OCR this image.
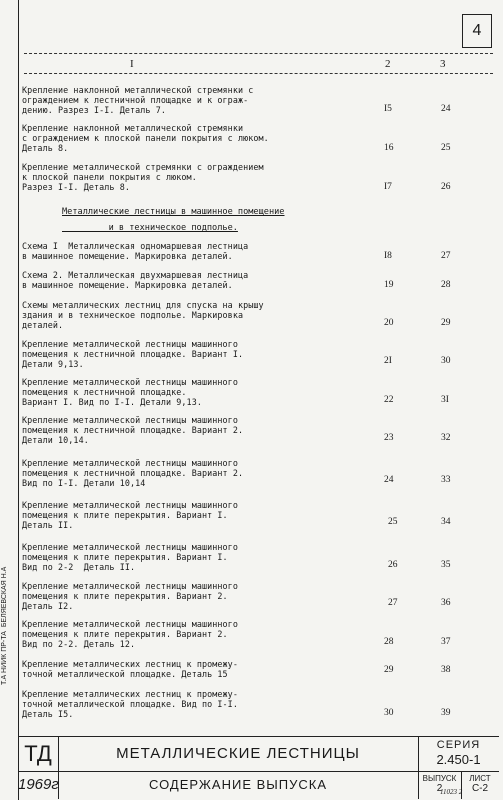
4
I	2	3
Крепление наклонной металлической стремянки с
ограждением к лестничной площадке и к ограж-
дению. Разрез I-I. Деталь 7.	I5	24
Крепление наклонной металлической стремянки
с ограждением к плоской панели покрытия с люком.
Деталь 8.	16	25
Крепление металлической стремянки с ограждением
к плоской панели покрытия с люком.
Разрез I-I. Деталь 8.	I7	26
Металлические лестницы в машинное помещение
и в техническое подполье.
Схема I  Металлическая одномаршевая лестница
в машинное помещение. Маркировка деталей.	I8	27
Схема 2. Металлическая двухмаршевая лестница
в машинное помещение. Маркировка деталей.	19	28
Схемы металлических лестниц для спуска на крышу
здания и в техническое подполье. Маркировка
деталей.	20	29
Крепление металлической лестницы машинного
помещения к лестничной площадке. Вариант I.
Детали 9,13.	2I	30
Крепление металлической лестницы машинного
помещения к лестничной площадке.
Вариант I. Вид по I-I. Детали 9,13.	22	3I
Крепление металлической лестницы машинного
помещения к лестничной площадке. Вариант 2.
Детали 10,14.	23	32
Крепление металлической лестницы машинного
помещения к лестничной площадке. Вариант 2.
Вид по I-I. Детали 10,14	24	33
Крепление металлической лестницы машинного
помещения к плите перекрытия. Вариант I.
Деталь II.	25	34
Крепление металлической лестницы машинного
помещения к плите перекрытия. Вариант I.
Вид по 2-2  Деталь II.	26	35
Крепление металлической лестницы машинного
помещения к плите перекрытия. Вариант 2.
Деталь I2.	27	36
Крепление металлической лестницы машинного
помещения к плите перекрытия. Вариант 2.
Вид по 2-2. Деталь 12.	28	37
Крепление металлических лестниц к промежу-
точной металлической площадке. Деталь 15	29	38
Крепление металлических лестниц к промежу-
точной металлической площадке. Вид по I-I.
Деталь I5.	30	39
Т.А НИИК ПР-ТА  БЕЛЯЕВСКАЯ Н.А
ТД
1969г
МЕТАЛЛИЧЕСКИЕ ЛЕСТНИЦЫ
СОДЕРЖАНИЕ ВЫПУСКА
СЕРИЯ
2.450-1
ВЫПУСК
2
ЛИСТ
С-2
11023 2
